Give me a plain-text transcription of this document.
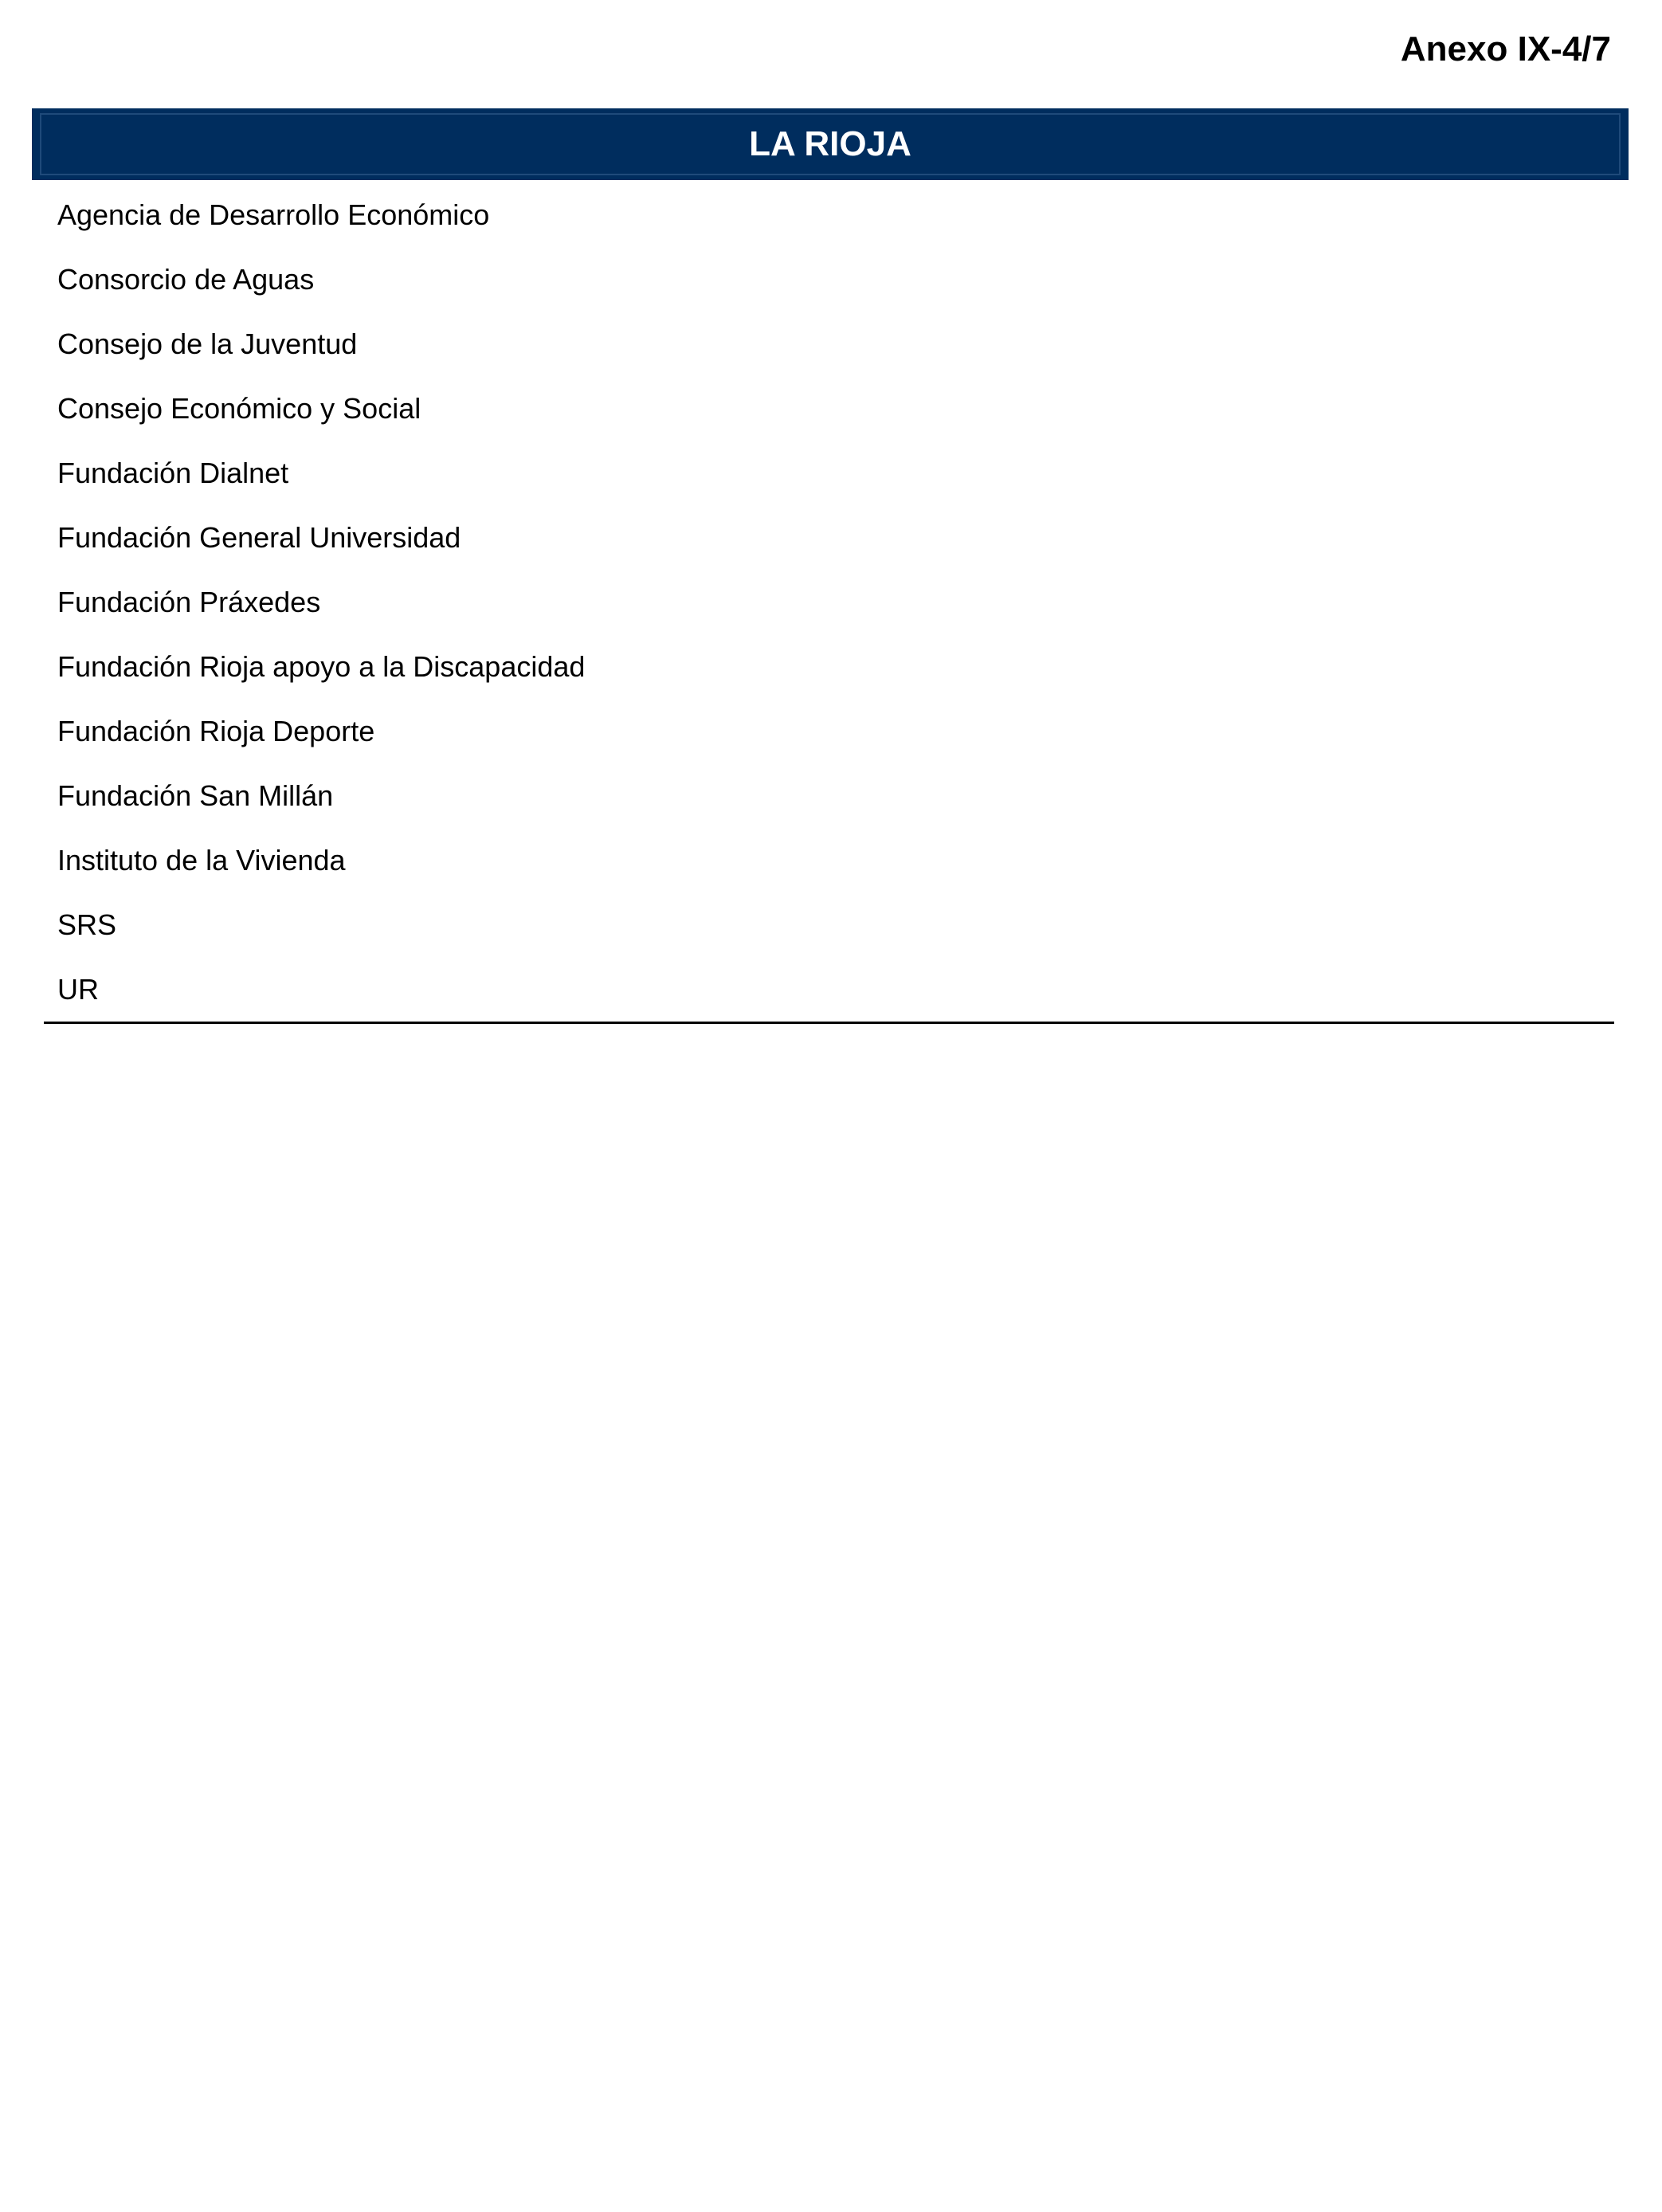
Anexo IX-4/7
LA RIOJA
Agencia de Desarrollo Económico
Consorcio de Aguas
Consejo de la Juventud
Consejo Económico y Social
Fundación Dialnet
Fundación General Universidad
Fundación Práxedes
Fundación Rioja apoyo a la Discapacidad
Fundación Rioja Deporte
Fundación San Millán
Instituto de la Vivienda
SRS
UR
